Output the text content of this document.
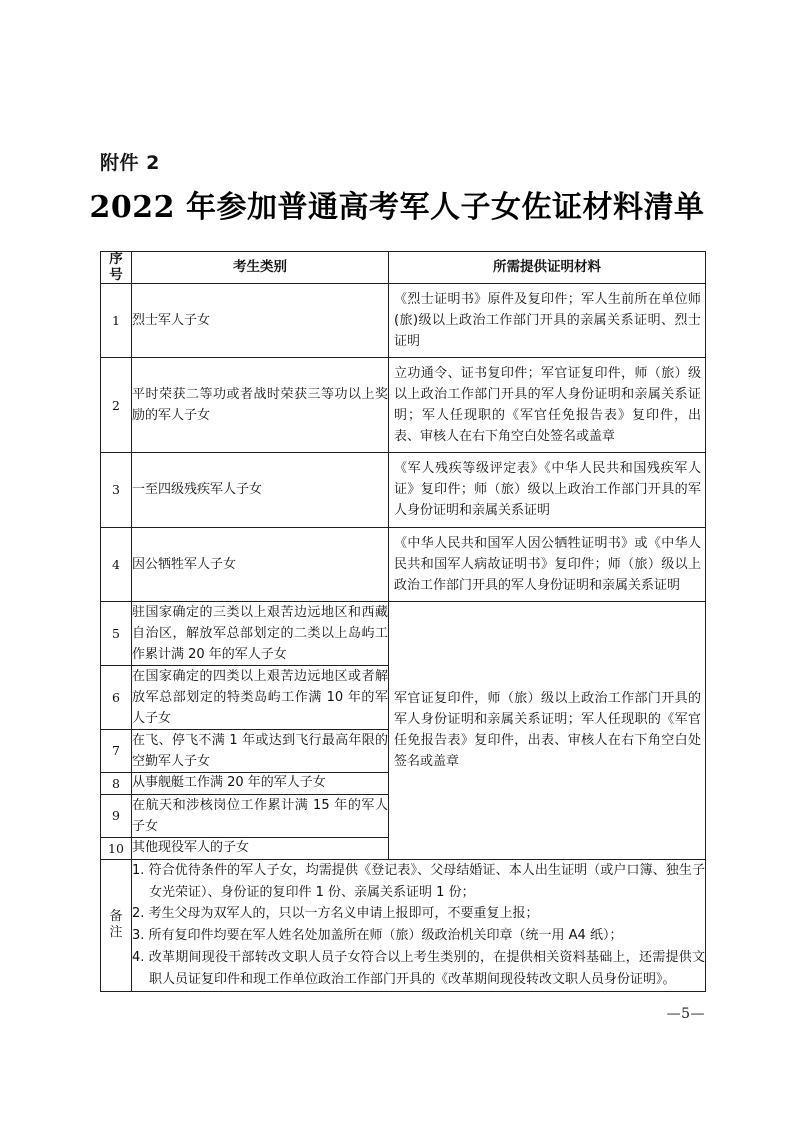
附件 2
2022 年参加普通高考军人子女佐证材料清单
序
号	考生类别	所需提供证明材料
1	烈士军人子女	《烈士证明书》原件及复印件；军人生前所在单位师(旅)级以上政治工作部门开具的亲属关系证明、烈士证明
2	平时荣获二等功或者战时荣获三等功以上奖励的军人子女	立功通令、证书复印件；军官证复印件，师（旅）级以上政治工作部门开具的军人身份证明和亲属关系证明；军人任现职的《军官任免报告表》复印件，出表、审核人在右下角空白处签名或盖章
3	一至四级残疾军人子女	《军人残疾等级评定表》《中华人民共和国残疾军人证》复印件；师（旅）级以上政治工作部门开具的军人身份证明和亲属关系证明
4	因公牺牲军人子女	《中华人民共和国军人因公牺牲证明书》或《中华人民共和国军人病故证明书》复印件；师（旅）级以上政治工作部门开具的军人身份证明和亲属关系证明
5	驻国家确定的三类以上艰苦边远地区和西藏自治区，解放军总部划定的二类以上岛屿工作累计满 20 年的军人子女	军官证复印件，师（旅）级以上政治工作部门开具的军人身份证明和亲属关系证明；军人任现职的《军官任免报告表》复印件，出表、审核人在右下角空白处签名或盖章
6	在国家确定的四类以上艰苦边远地区或者解放军总部划定的特类岛屿工作满 10 年的军人子女	
7	在飞、停飞不满 1 年或达到飞行最高年限的空勤军人子女	
8	从事舰艇工作满 20 年的军人子女	
9	在航天和涉核岗位工作累计满 15 年的军人子女	
10	其他现役军人的子女	

备
注

1. 符合优待条件的军人子女，均需提供《登记表》、父母结婚证、本人出生证明（或户口簿、独生子女光荣证）、身份证的复印件 1 份、亲属关系证明 1 份；

2. 考生父母为双军人的，只以一方名义申请上报即可，不要重复上报；

3. 所有复印件均要在军人姓名处加盖所在师（旅）级政治机关印章（统一用 A4 纸）；

4. 改革期间现役干部转改文职人员子女符合以上考生类别的，在提供相关资料基础上，还需提供文职人员证复印件和现工作单位政治工作部门开具的《改革期间现役转改文职人员身份证明》。

—5—
